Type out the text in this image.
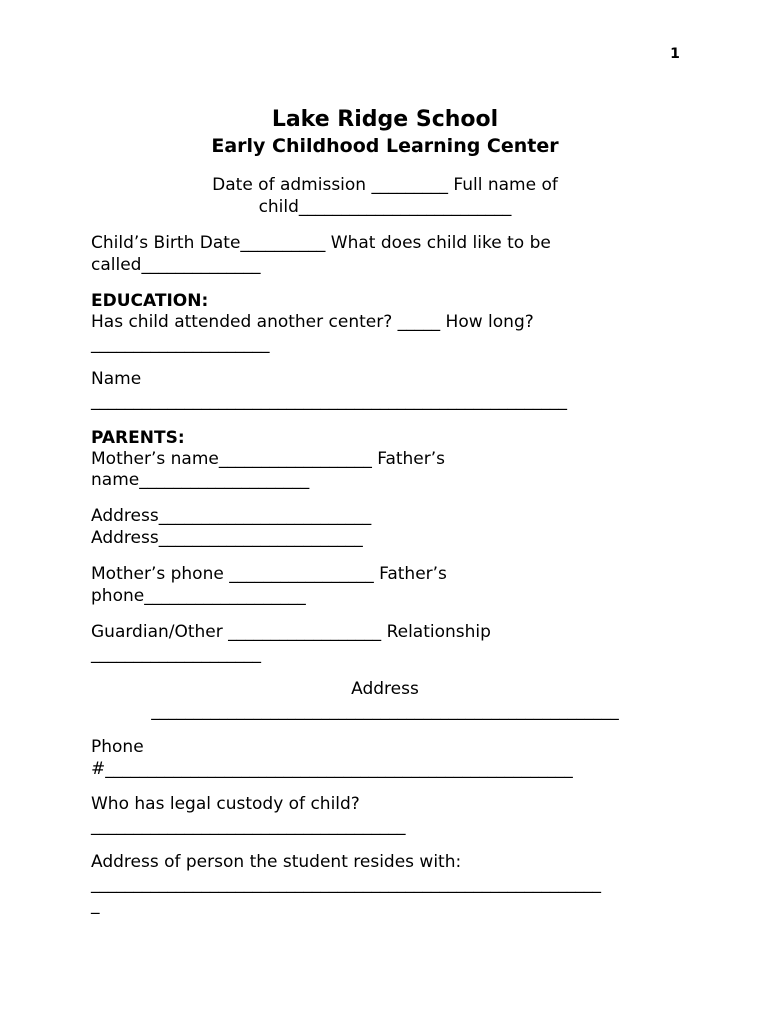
1
Lake Ridge School
Early Childhood Learning Center
Date of admission _________ Full name of
child_________________________
Child’s Birth Date__________ What does child like to be
called______________
EDUCATION:
Has child attended another center? _____ How long?
_____________________
Name
________________________________________________________
PARENTS:
Mother’s name__________________ Father’s
name____________________
Address_________________________
Address________________________
Mother’s phone _________________ Father’s
phone___________________
Guardian/Other __________________ Relationship
____________________
Address
_______________________________________________________
Phone
#_______________________________________________________
Who has legal custody of child?
_____________________________________
Address of person the student resides with:
____________________________________________________________
_
